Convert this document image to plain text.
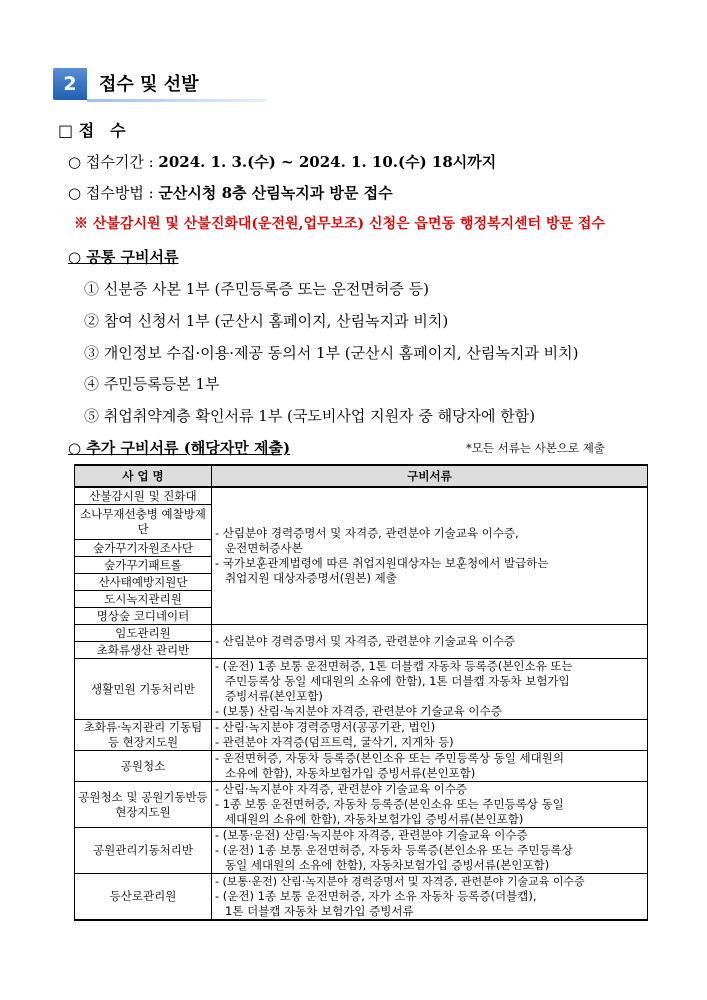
2	접수 및 선발
□ 접　수
○ 접수기간 : 2024. 1. 3.(수) ~ 2024. 1. 10.(수) 18시까지
○ 접수방법 : 군산시청 8층 산림녹지과 방문 접수
※ 산불감시원 및 산불진화대(운전원,업무보조) 신청은 읍면동 행정복지센터 방문 접수
○ 공통 구비서류
① 신분증 사본 1부 (주민등록증 또는 운전면허증 등)
② 참여 신청서 1부 (군산시 홈페이지, 산림녹지과 비치)
③ 개인정보 수집·이용·제공 동의서 1부 (군산시 홈페이지, 산림녹지과 비치)
④ 주민등록등본 1부
⑤ 취업취약계층 확인서류 1부 (국도비사업 지원자 중 해당자에 한함)
○ 추가 구비서류 (해당자만 제출)	*모든 서류는 사본으로 제출
사 업 명	구비서류
산불감시원 및 진화대	- 산림분야 경력증명서 및 자격증, 관련분야 기술교육 이수증,
운전면허증사본
- 국가보훈관계법령에 따른 취업지원대상자는 보훈청에서 발급하는
취업지원 대상자증명서(원본) 제출

소나무재선충병 예찰방제단	
숲가꾸기자원조사단	
숲가꾸기패트롤	
산사태예방지원단	
도시녹지관리원	
명상숲 코디네이터	
임도관리원	- 산림분야 경력증명서 및 자격증, 관련분야 기술교육 이수증
초화류생산 관리반	
생활민원 기동처리반	- (운전) 1종 보통 운전면허증, 1톤 더블캡 자동차 등록증(본인소유 또는
주민등록상 동일 세대원의 소유에 한함), 1톤 더블캡 자동차 보험가입
증빙서류(본인포함)
- (보통) 산림·녹지분야 자격증, 관련분야 기술교육 이수증

초화류·녹지관리 기동팀 등 현장지도원	- 산림·녹지분야 경력증명서(공공기관, 법인)
- 관련분야 자격증(덤프트럭, 굴삭기, 지게차 등)

공원청소	- 운전면허증, 자동차 등록증(본인소유 또는 주민등록상 동일 세대원의
소유에 한함), 자동차보험가입 증빙서류(본인포함)

공원청소 및 공원기동반등 현장지도원	- 산림·녹지분야 자격증, 관련분야 기술교육 이수증
- 1종 보통 운전면허증, 자동차 등록증(본인소유 또는 주민등록상 동일
세대원의 소유에 한함), 자동차보험가입 증빙서류(본인포함)

공원관리기동처리반	- (보통·운전) 산림·녹지분야 자격증, 관련분야 기술교육 이수증
- (운전) 1종 보통 운전면허증, 자동차 등록증(본인소유 또는 주민등록상
동일 세대원의 소유에 한함), 자동차보험가입 증빙서류(본인포함)

등산로관리원	- (보통·운전) 산림·녹지분야 경력증명서 및 자격증, 관련분야 기술교육 이수증
- (운전) 1종 보통 운전면허증, 자가 소유 자동차 등록증(더블캡),
1톤 더블캡 자동차 보험가입 증빙서류
